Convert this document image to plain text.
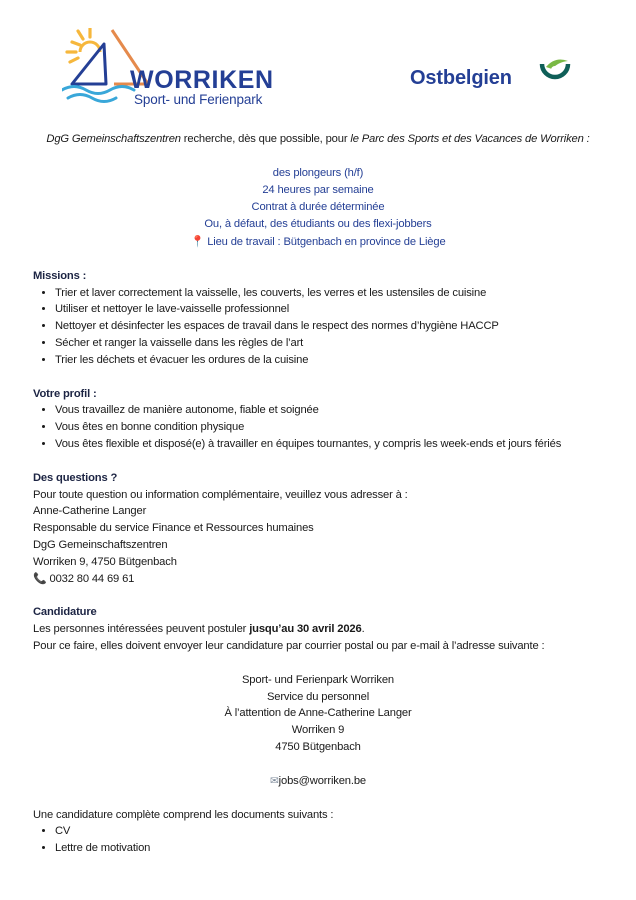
WORRIKEN
Sport- und Ferienpark
Ostbelgien

DgG Gemeinschaftszentren recherche, dès que possible, pour le Parc des Sports et des Vacances de Worriken :

des plongeurs (h/f)
24 heures par semaine
Contrat à durée déterminée
Ou, à défaut, des étudiants ou des flexi-jobbers
📍 Lieu de travail : Bütgenbach en province de Liège
Missions :
• Trier et laver correctement la vaisselle, les couverts, les verres et les ustensiles de cuisine
• Utiliser et nettoyer le lave-vaisselle professionnel
• Nettoyer et désinfecter les espaces de travail dans le respect des normes d’hygiène HACCP
• Sécher et ranger la vaisselle dans les règles de l’art
• Trier les déchets et évacuer les ordures de la cuisine
Votre profil :
• Vous travaillez de manière autonome, fiable et soignée
• Vous êtes en bonne condition physique
• Vous êtes flexible et disposé(e) à travailler en équipes tournantes, y compris les week-ends et jours fériés
Des questions ?
Pour toute question ou information complémentaire, veuillez vous adresser à :
Anne-Catherine Langer
Responsable du service Finance et Ressources humaines
DgG Gemeinschaftszentren
Worriken 9, 4750 Bütgenbach
📞 0032 80 44 69 61
Candidature
Les personnes intéressées peuvent postuler jusqu’au 30 avril 2026.
Pour ce faire, elles doivent envoyer leur candidature par courrier postal ou par e-mail à l’adresse suivante :
Sport- und Ferienpark Worriken
Service du personnel
À l’attention de Anne-Catherine Langer
Worriken 9
4750 Bütgenbach
✉jobs@worriken.be
Une candidature complète comprend les documents suivants :
• CV
• Lettre de motivation
